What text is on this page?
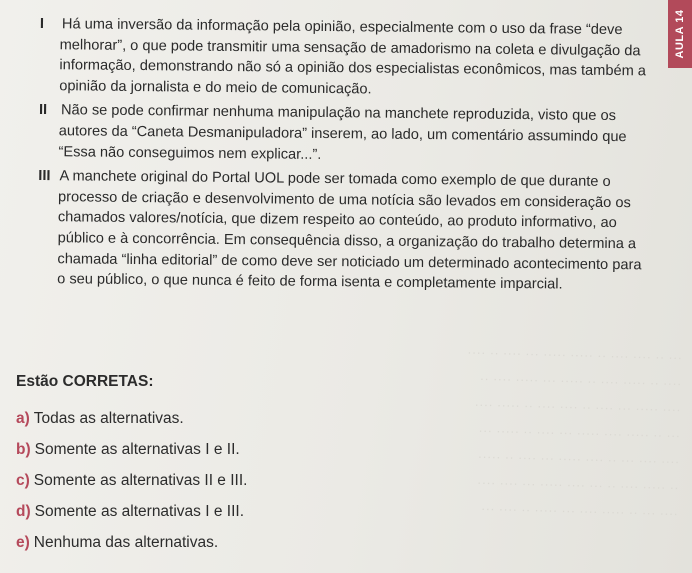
··· ·· ···· ···· ·· ····· ····· ··· ···· ·· ····
···· ·· ····· ···· ·· ····· ··· ····· ···· ··
···· ····· ··· ···· ·· ···· ···· ·· ····· ····
··· ·· ····· ···· ····· ··· ···· ·· ····· ···
···· ···· ··· ·· ···· ····· ··· ···· ·· ·····
·· ····· ···· ·· ··· ···· ····· ··· ···· ····
···· ··· ·· ····· ···· ··· ····· ·· ···· ···
AULA 14

I Há uma inversão da informação pela opinião, especialmente com o uso da frase “deve melhorar”, o que pode transmitir uma sensação de amadorismo na coleta e divulgação da informação, demonstrando não só a opinião dos especialistas econômicos, mas também a opinião da jornalista e do meio de comunicação.

II Não se pode confirmar nenhuma manipulação na manchete reproduzida, visto que os autores da “Caneta Desmanipuladora” inserem, ao lado, um comentário assumindo que “Essa não conseguimos nem explicar...”.

III A manchete original do Portal UOL pode ser tomada como exemplo de que durante o processo de criação e desenvolvimento de uma notícia são levados em consideração os chamados valores/notícia, que dizem respeito ao conteúdo, ao produto informativo, ao público e à concorrência. Em consequência disso, a organização do trabalho determina a chamada “linha editorial” de como deve ser noticiado um determinado acontecimento para o seu público, o que nunca é feito de forma isenta e completamente imparcial.

Estão CORRETAS:
a) Todas as alternativas.
b) Somente as alternativas I e II.
c) Somente as alternativas II e III.
d) Somente as alternativas I e III.
e) Nenhuma das alternativas.
